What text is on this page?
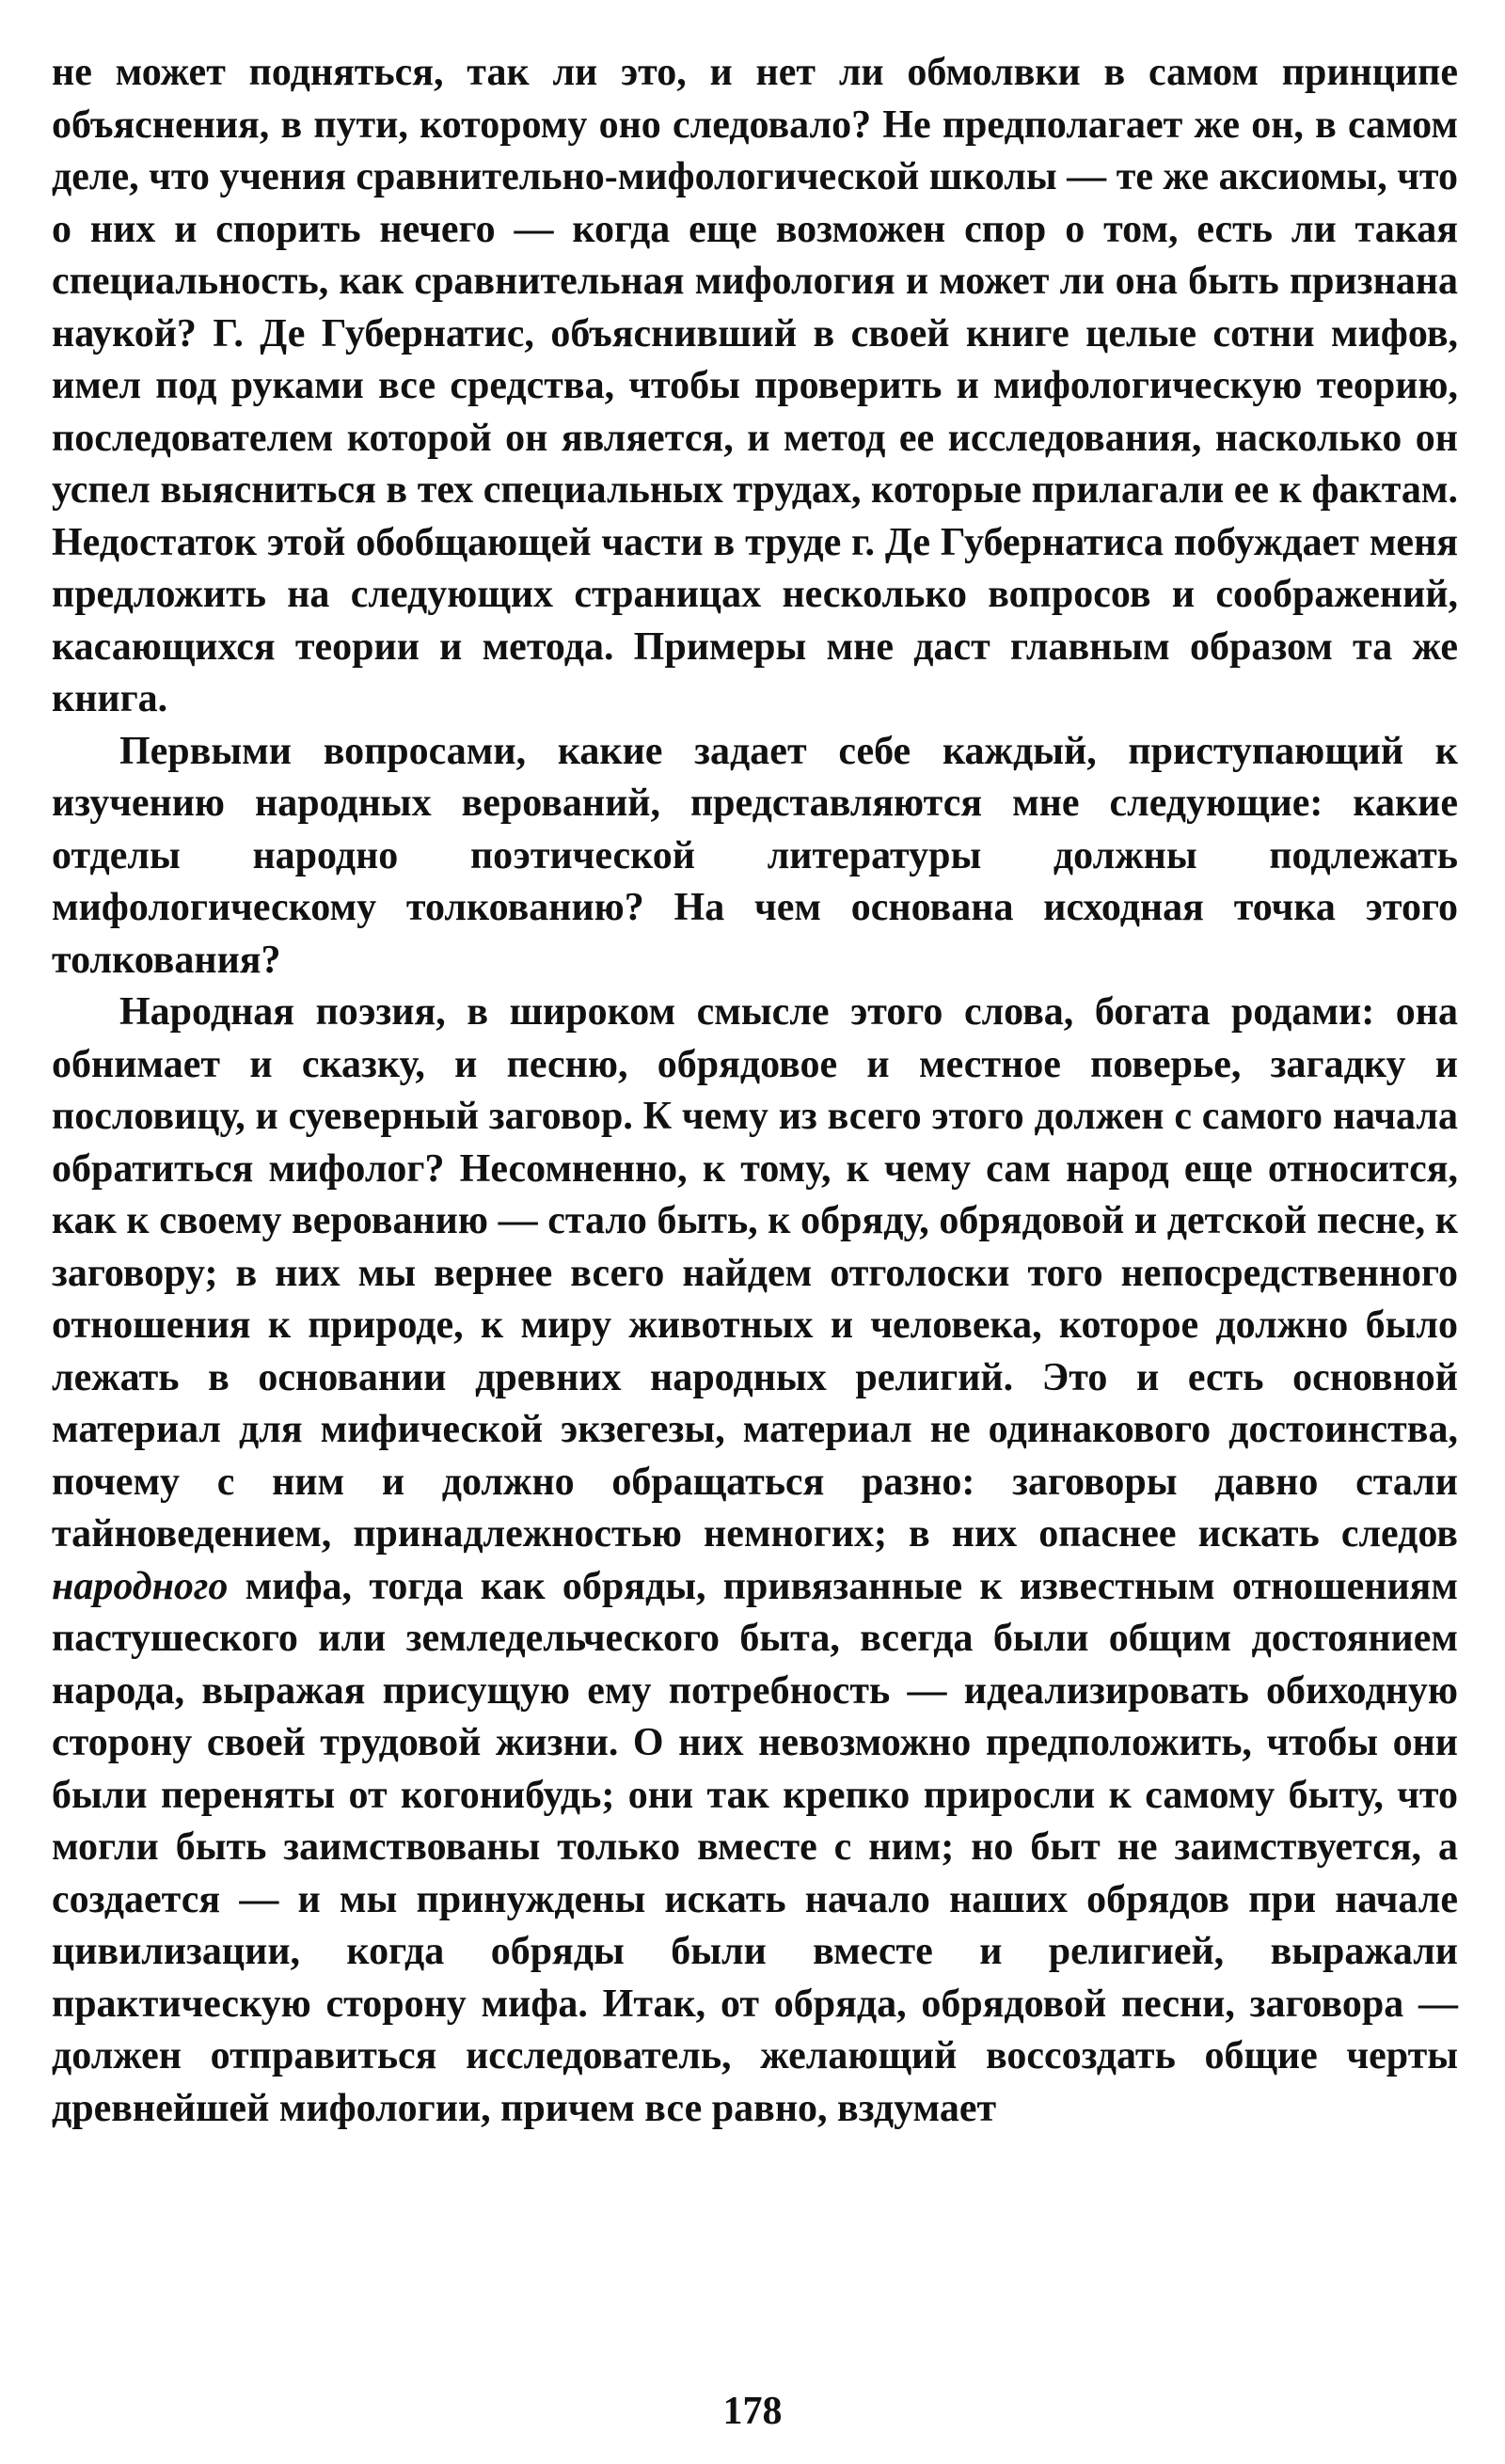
не может подняться, так ли это, и нет ли обмолвки в самом принципе объяснения, в пути, которому оно следовало? Не предполагает же он, в самом деле, что учения сравнительно-мифологической школы — те же аксиомы, что о них и спорить нечего — когда еще возможен спор о том, есть ли такая специальность, как сравнительная мифология и может ли она быть признана наукой? Г. Де Губернатис, объяснивший в своей книге целые сотни мифов, имел под руками все средства, чтобы проверить и мифологическую теорию, последователем которой он является, и метод ее исследования, насколько он успел выясниться в тех специальных трудах, которые прилагали ее к фактам. Недостаток этой обобщающей части в труде г. Де Губернатиса побуждает меня предложить на следующих страницах несколько вопросов и соображений, касающихся теории и метода. Примеры мне даст главным образом та же книга.

Первыми вопросами, какие задает себе каждый, приступающий к изучению народных верований, представляются мне следующие: какие отделы народно поэтической литературы должны подлежать мифологическому толкованию? На чем основана исходная точка этого толкования?

Народная поэзия, в широком смысле этого слова, богата родами: она обнимает и сказку, и песню, обрядовое и местное поверье, загадку и пословицу, и суеверный заговор. К чему из всего этого должен с самого начала обратиться мифолог? Несомненно, к тому, к чему сам народ еще относится, как к своему верованию — стало быть, к обряду, обрядовой и детской песне, к заговору; в них мы вернее всего найдем отголоски того непосредственного отношения к природе, к миру животных и человека, которое должно было лежать в основании древних народных религий. Это и есть основной материал для мифической экзегезы, материал не одинакового достоинства, почему с ним и должно обращаться разно: заговоры давно стали тайноведением, принадлежностью немногих; в них опаснее искать следов народного мифа, тогда как обряды, привязанные к известным отношениям пастушеского или земледельческого быта, всегда были общим достоянием народа, выражая присущую ему потребность — идеализировать обиходную сторону своей трудовой жизни. О них невозможно предположить, чтобы они были переняты от когонибудь; они так крепко приросли к самому быту, что могли быть заимствованы только вместе с ним; но быт не заимствуется, а создается — и мы принуждены искать начало наших обрядов при начале цивилизации, когда обряды были вместе и религией, выражали практическую сторону мифа. Итак, от обряда, обрядовой песни, заговора — должен отправиться исследователь, желающий воссоздать общие черты древнейшей мифологии, причем все равно, вздумает

178
